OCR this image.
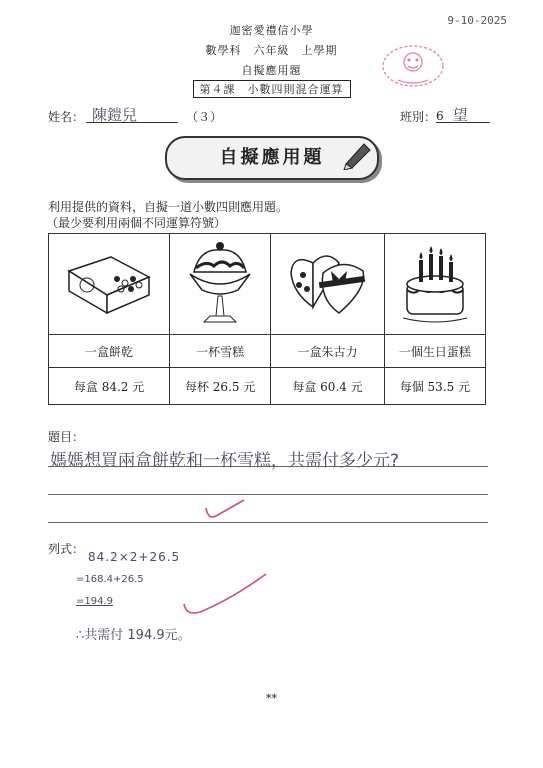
9-10-2025
迦密愛禮信小學
數學科　六年級　上學期
自擬應用題
第４課　小數四則混合運算
姓名： 陳鎧兒	（３）	班別： 6 望
自擬應用題
利用提供的資料，自擬一道小數四則應用題。
（最少要利用兩個不同運算符號）

一盒餅乾	一杯雪糕	一盒朱古力	一個生日蛋糕
每盒 84.2 元	每杯 26.5 元	每盒 60.4 元	每個 53.5 元
題目：
媽媽想買兩盒餅乾和一杯雪糕，共需付多少元?
列式：
84.2×2+26.5
=168.4+26.5
=194.9
∴共需付 194.9元。
**
